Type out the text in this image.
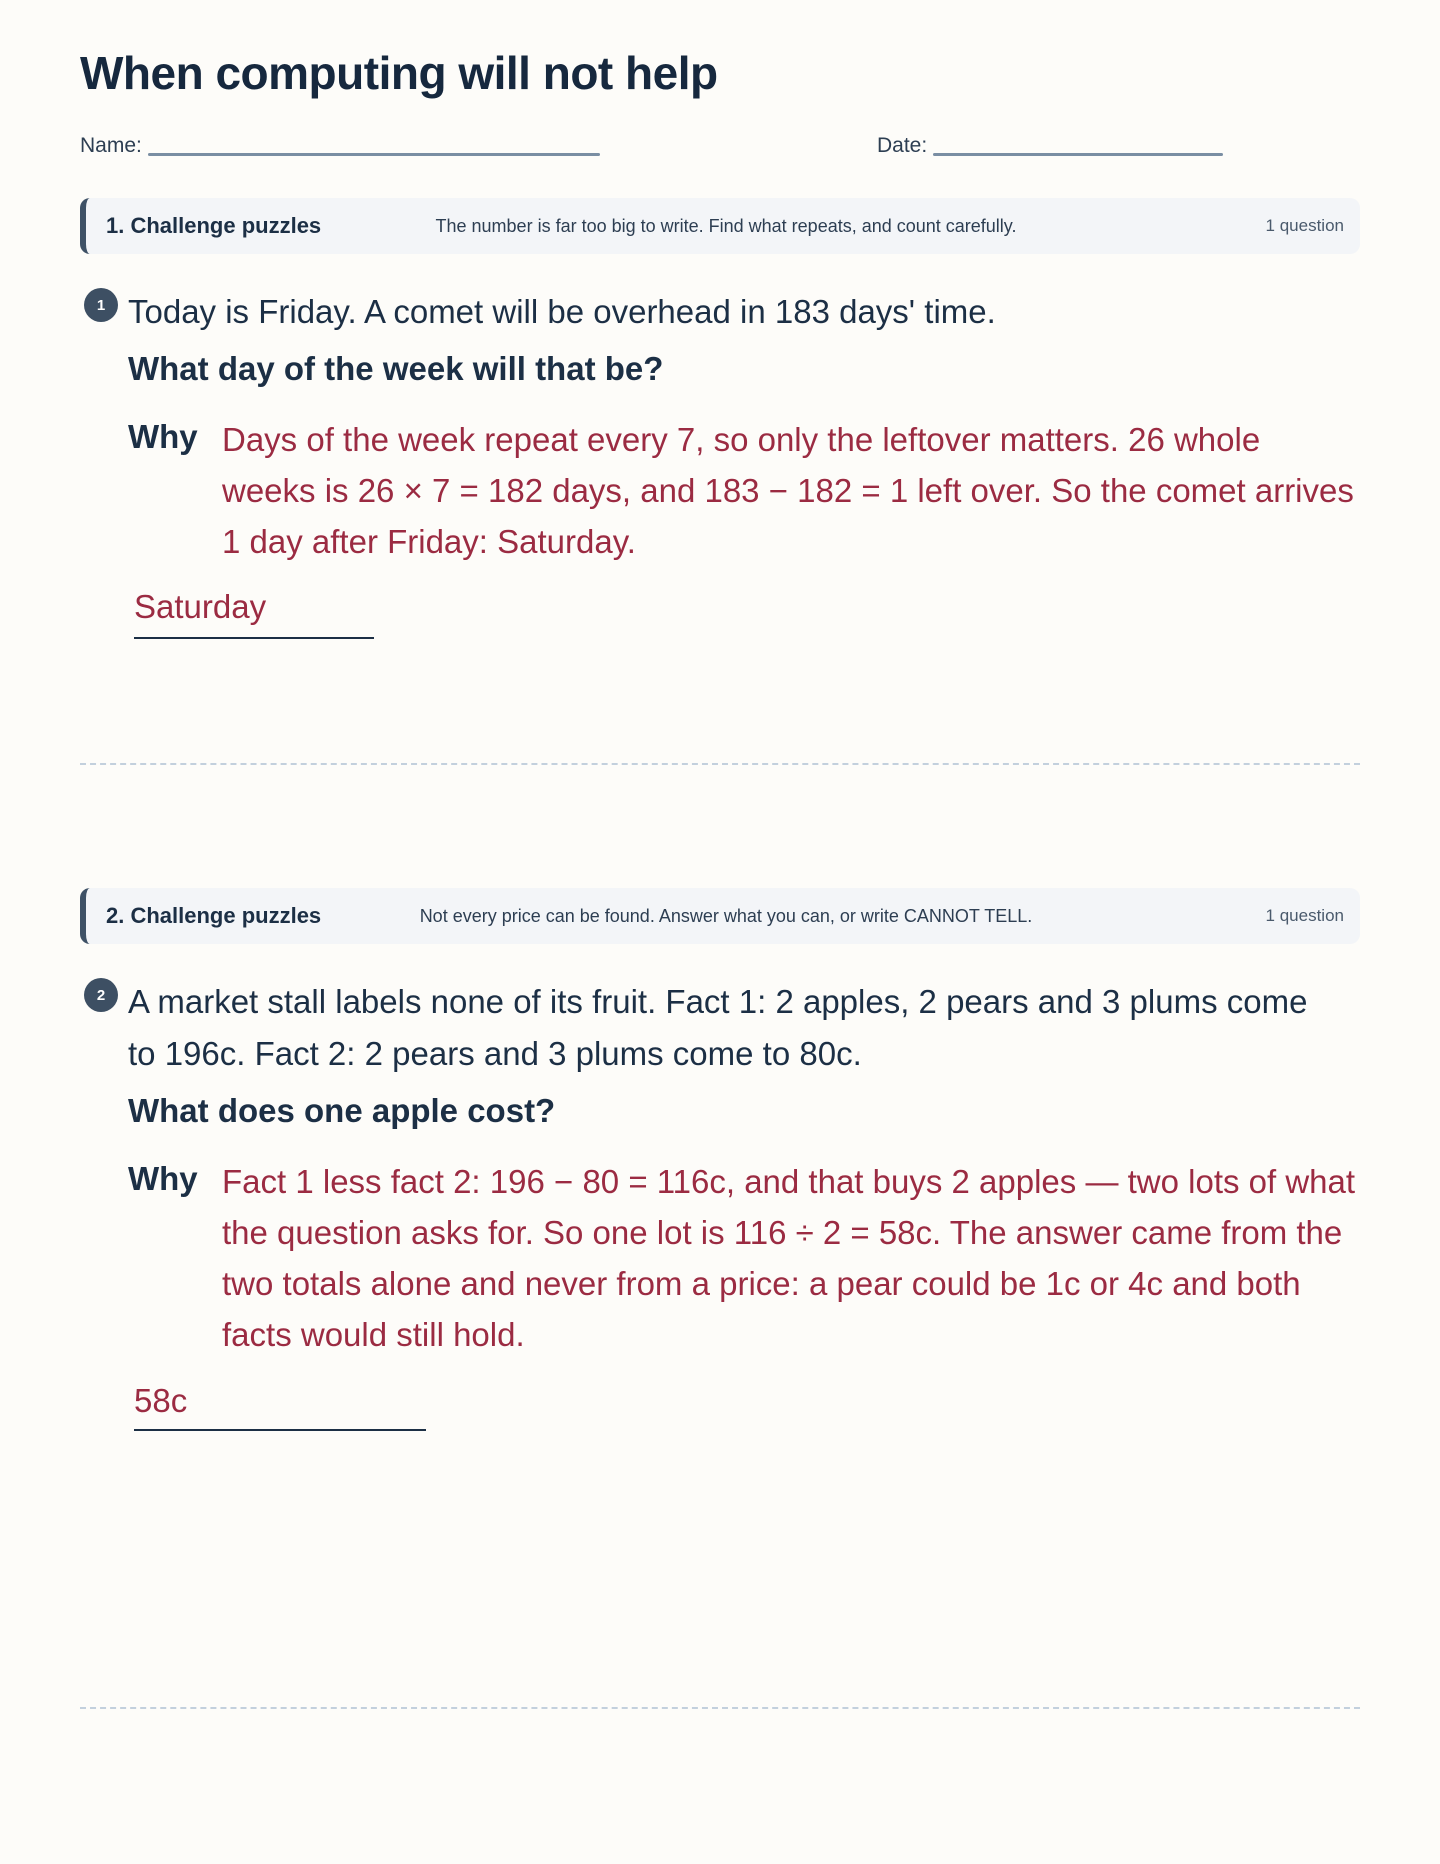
When computing will not help
Name:	Date:
1. Challenge puzzles	The number is far too big to write. Find what repeats, and count carefully.	1 question
1 Today is Friday. A comet will be overhead in 183 days' time.
What day of the week will that be?
Why Days of the week repeat every 7, so only the leftover matters. 26 whole weeks is 26 × 7 = 182 days, and 183 − 182 = 1 left over. So the comet arrives 1 day after Friday: Saturday.
Saturday
2. Challenge puzzles	Not every price can be found. Answer what you can, or write CANNOT TELL.	1 question
2 A market stall labels none of its fruit. Fact 1: 2 apples, 2 pears and 3 plums come to 196c. Fact 2: 2 pears and 3 plums come to 80c.
What does one apple cost?
Why Fact 1 less fact 2: 196 − 80 = 116c, and that buys 2 apples — two lots of what the question asks for. So one lot is 116 ÷ 2 = 58c. The answer came from the two totals alone and never from a price: a pear could be 1c or 4c and both facts would still hold.
58c
